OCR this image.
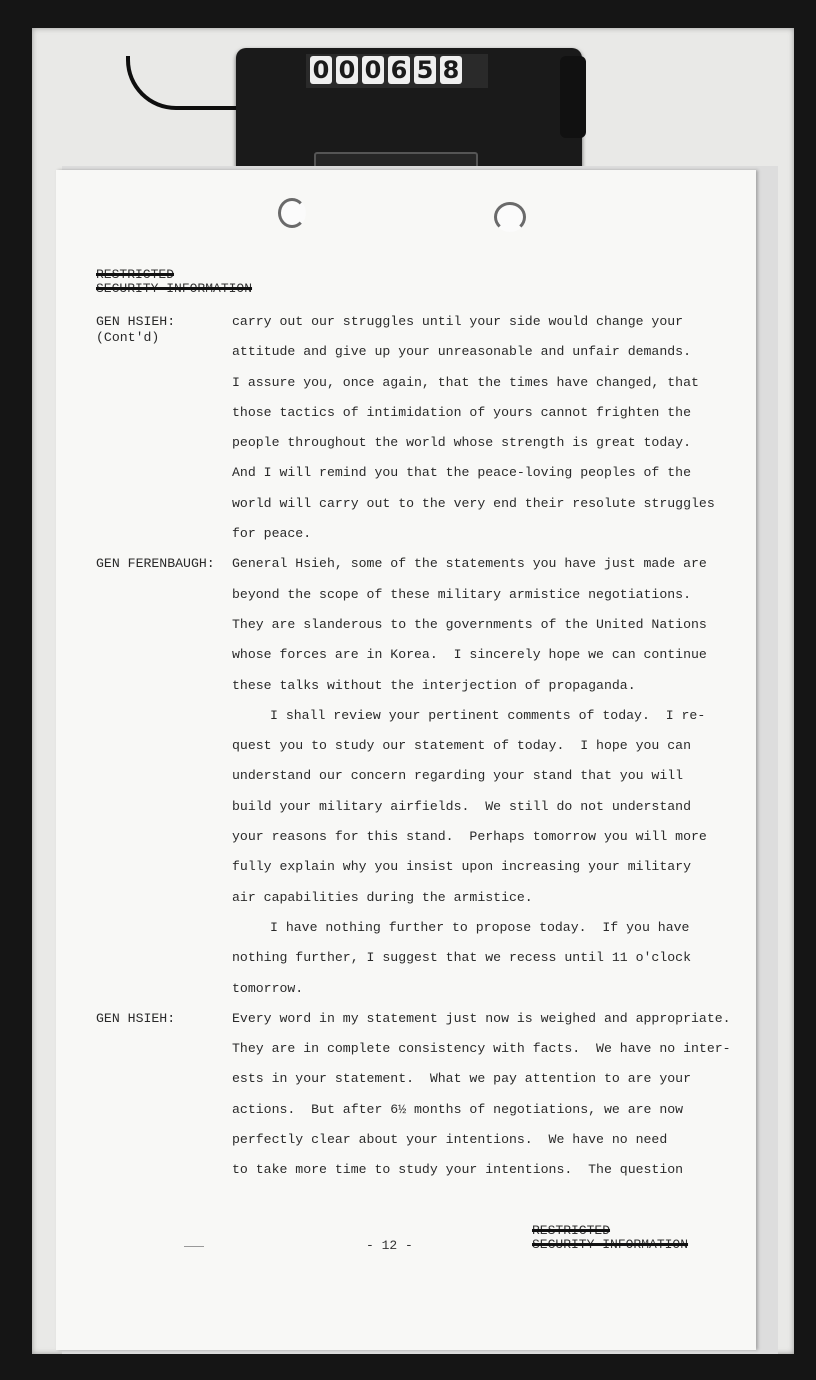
0 0 0 6 5 8
RESTRICTED
SECURITY INFORMATION
GEN HSIEH:
(Cont'd)
carry out our struggles until your side would change your
attitude and give up your unreasonable and unfair demands.
I assure you, once again, that the times have changed, that
those tactics of intimidation of yours cannot frighten the
people throughout the world whose strength is great today.
And I will remind you that the peace-loving peoples of the
world will carry out to the very end their resolute struggles
for peace.
GEN FERENBAUGH:	General Hsieh, some of the statements you have just made are
beyond the scope of these military armistice negotiations.
They are slanderous to the governments of the United Nations
whose forces are in Korea.  I sincerely hope we can continue
these talks without the interjection of propaganda.
I shall review your pertinent comments of today.  I re-
quest you to study our statement of today.  I hope you can
understand our concern regarding your stand that you will
build your military airfields.  We still do not understand
your reasons for this stand.  Perhaps tomorrow you will more
fully explain why you insist upon increasing your military
air capabilities during the armistice.
I have nothing further to propose today.  If you have
nothing further, I suggest that we recess until 11 o'clock
tomorrow.
GEN HSIEH:	Every word in my statement just now is weighed and appropriate.
They are in complete consistency with facts.  We have no inter-
ests in your statement.  What we pay attention to are your
actions.  But after 6½ months of negotiations, we are now
perfectly clear about your intentions.  We have no need
to take more time to study your intentions.  The question
- 12 -
RESTRICTED
SECURITY INFORMATION
